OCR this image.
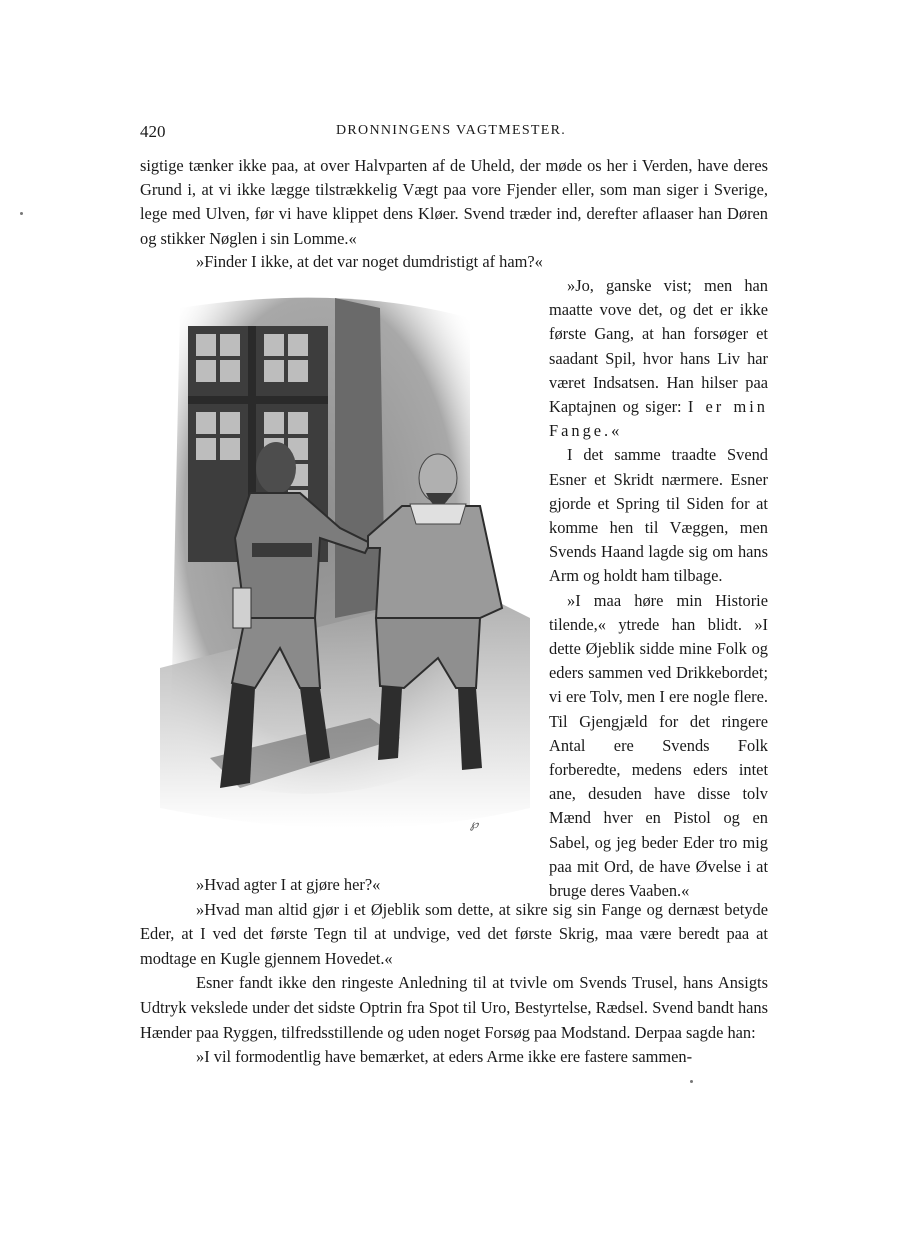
420	DRONNINGENS VAGTMESTER.

sigtige tænker ikke paa, at over Halvparten af de Uheld, der møde os her i Verden, have deres Grund i, at vi ikke lægge tilstrækkelig Vægt paa vore Fjender eller, som man siger i Sverige, lege med Ulven, før vi have klippet dens Kløer. Svend træder ind, derefter aflaaser han Døren og stikker Nøglen i sin Lomme.«

»Finder I ikke, at det var noget dumdristigt af ham?«

℘

»Jo, ganske vist; men han maatte vove det, og det er ikke første Gang, at han forsøger et saadant Spil, hvor hans Liv har været Indsatsen. Han hilser paa Kaptajnen og siger: I er min Fange.«

I det samme traadte Svend Esner et Skridt nærmere. Esner gjorde et Spring til Siden for at komme hen til Væggen, men Svends Haand lagde sig om hans Arm og holdt ham tilbage.

»I maa høre min Historie tilende,« ytrede han blidt. »I dette Øjeblik sidde mine Folk og eders sammen ved Drikkebordet; vi ere Tolv, men I ere nogle flere. Til Gjengjæld for det ringere Antal ere Svends Folk forberedte, medens eders intet ane, desuden have disse tolv Mænd hver en Pistol og en Sabel, og jeg beder Eder tro mig paa mit Ord, de have Øvelse i at bruge deres Vaaben.«

»Hvad agter I at gjøre her?«

»Hvad man altid gjør i et Øjeblik som dette, at sikre sig sin Fange og dernæst betyde Eder, at I ved det første Tegn til at undvige, ved det første Skrig, maa være beredt paa at modtage en Kugle gjennem Hovedet.«

Esner fandt ikke den ringeste Anledning til at tvivle om Svends Trusel, hans Ansigts Udtryk vekslede under det sidste Optrin fra Spot til Uro, Bestyrtelse, Rædsel. Svend bandt hans Hænder paa Ryggen, tilfredsstillende og uden noget Forsøg paa Modstand. Derpaa sagde han:

»I vil formodentlig have bemærket, at eders Arme ikke ere fastere sammen-
